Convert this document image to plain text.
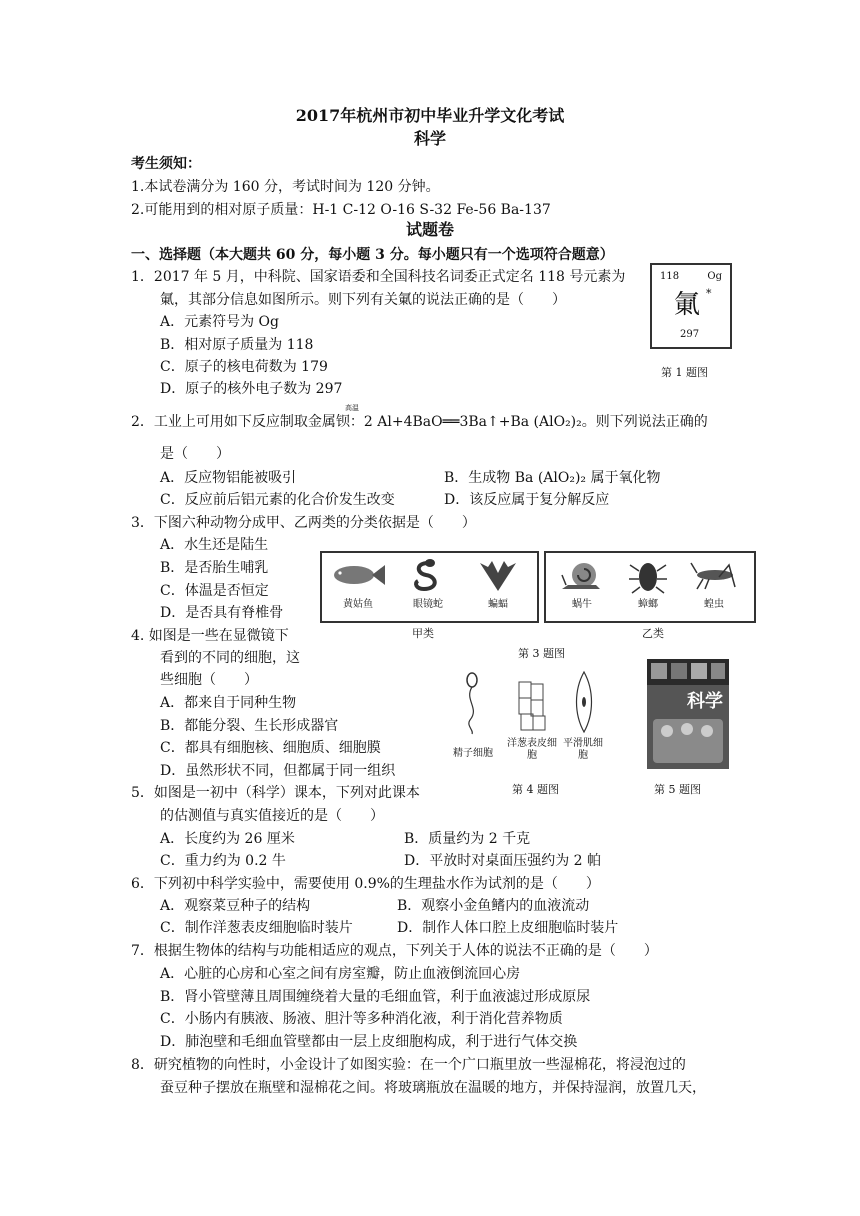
2017年杭州市初中毕业升学文化考试
科学
考生须知：
1.本试卷满分为 160 分，考试时间为 120 分钟。
2.可能用到的相对原子质量：H-1 C-12 O-16 S-32 Fe-56 Ba-137
试题卷
一、选择题（本大题共 60 分，每小题 3 分。每小题只有一个选项符合题意）
1．2017 年 5 月，中科院、国家语委和全国科技名词委正式定名 118 号元素为
氭，其部分信息如图所示。则下列有关氭的说法正确的是（　　）
A．元素符号为 Og
B．相对原子质量为 118
C．原子的核电荷数为 179
D．原子的核外电子数为 297
118	Og
氭 *
297
第 1 题图
2．工业上可用如下反应制取金属钡：2 Al+4BaO══3Ba↑+Ba (AlO₂)₂。则下列说法正确的
高温
是（　　）
A．反应物铝能被吸引	B．生成物 Ba (AlO₂)₂ 属于氧化物
C．反应前后铝元素的化合价发生改变	D．该反应属于复分解反应
3．下图六种动物分成甲、乙两类的分类依据是（　　）
A．水生还是陆生
B．是否胎生哺乳
C．体温是否恒定
D．是否具有脊椎骨
黄姑鱼	眼镜蛇	蝙蝠
甲类
蜗牛	蟑螂	蝗虫
乙类
第 3 题图
4. 如图是一些在显微镜下
看到的不同的细胞，这
些细胞（　　）
A．都来自于同种生物
B．都能分裂、生长形成器官
C．都具有细胞核、细胞质、细胞膜
D．虽然形状不同，但都属于同一组织
精子细胞
洋葱表皮细胞
平滑肌细胞
第 4 题图
科学
第 5 题图
5．如图是一初中（科学）课本，下列对此课本
的估测值与真实值接近的是（　　）
A．长度约为 26 厘米	B．质量约为 2 千克
C．重力约为 0.2 牛	D．平放时对桌面压强约为 2 帕
6．下列初中科学实验中，需要使用 0.9%的生理盐水作为试剂的是（　　）
A．观察菜豆种子的结构	B．观察小金鱼鳍内的血液流动
C．制作洋葱表皮细胞临时装片	D．制作人体口腔上皮细胞临时装片
7．根据生物体的结构与功能相适应的观点，下列关于人体的说法不正确的是（　　）
A．心脏的心房和心室之间有房室瓣，防止血液倒流回心房
B．肾小管壁薄且周围缠绕着大量的毛细血管，利于血液滤过形成原尿
C．小肠内有胰液、肠液、胆汁等多种消化液，利于消化营养物质
D．肺泡壁和毛细血管壁都由一层上皮细胞构成，利于进行气体交换
8．研究植物的向性时，小金设计了如图实验：在一个广口瓶里放一些湿棉花，将浸泡过的
蚕豆种子摆放在瓶壁和湿棉花之间。将玻璃瓶放在温暖的地方，并保持湿润，放置几天，
